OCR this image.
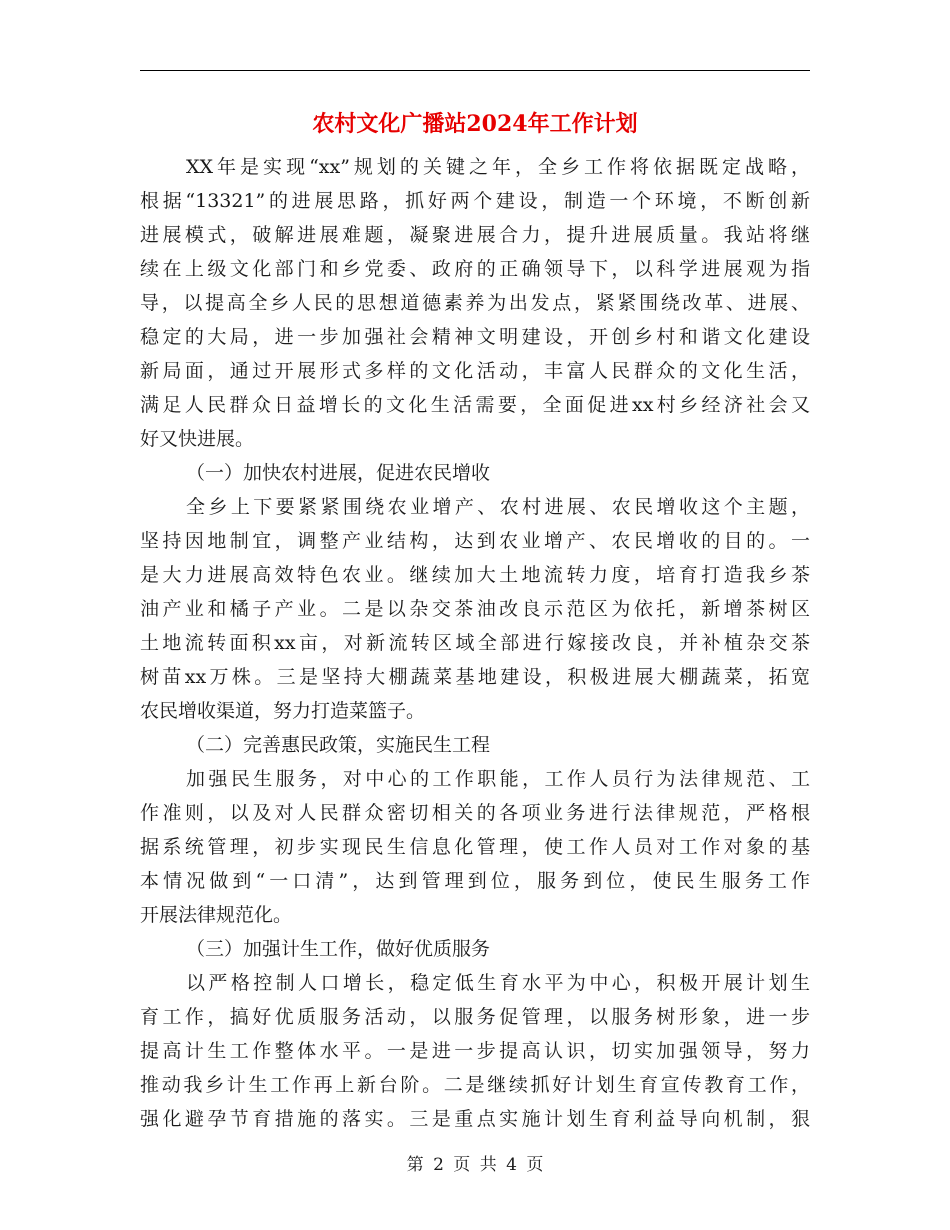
农村文化广播站2024年工作计划
XX年是实现“xx”规划的关键之年，全乡工作将依据既定战略，
根据“13321”的进展思路，抓好两个建设，制造一个环境，不断创新
进展模式，破解进展难题，凝聚进展合力，提升进展质量。我站将继
续在上级文化部门和乡党委、政府的正确领导下，以科学进展观为指
导，以提高全乡人民的思想道德素养为出发点，紧紧围绕改革、进展、
稳定的大局，进一步加强社会精神文明建设，开创乡村和谐文化建设
新局面，通过开展形式多样的文化活动，丰富人民群众的文化生活，
满足人民群众日益增长的文化生活需要，全面促进xx村乡经济社会又
好又快进展。
（一）加快农村进展，促进农民增收
全乡上下要紧紧围绕农业增产、农村进展、农民增收这个主题，
坚持因地制宜，调整产业结构，达到农业增产、农民增收的目的。一
是大力进展高效特色农业。继续加大土地流转力度，培育打造我乡茶
油产业和橘子产业。二是以杂交茶油改良示范区为依托，新增茶树区
土地流转面积xx亩，对新流转区域全部进行嫁接改良，并补植杂交茶
树苗xx万株。三是坚持大棚蔬菜基地建设，积极进展大棚蔬菜，拓宽
农民增收渠道，努力打造菜篮子。
（二）完善惠民政策，实施民生工程
加强民生服务，对中心的工作职能，工作人员行为法律规范、工
作准则，以及对人民群众密切相关的各项业务进行法律规范，严格根
据系统管理，初步实现民生信息化管理，使工作人员对工作对象的基
本情况做到“一口清”，达到管理到位，服务到位，使民生服务工作
开展法律规范化。
（三）加强计生工作，做好优质服务
以严格控制人口增长，稳定低生育水平为中心，积极开展计划生
育工作，搞好优质服务活动，以服务促管理，以服务树形象，进一步
提高计生工作整体水平。一是进一步提高认识，切实加强领导，努力
推动我乡计生工作再上新台阶。二是继续抓好计划生育宣传教育工作，
强化避孕节育措施的落实。三是重点实施计划生育利益导向机制，狠
第 2 页 共 4 页
